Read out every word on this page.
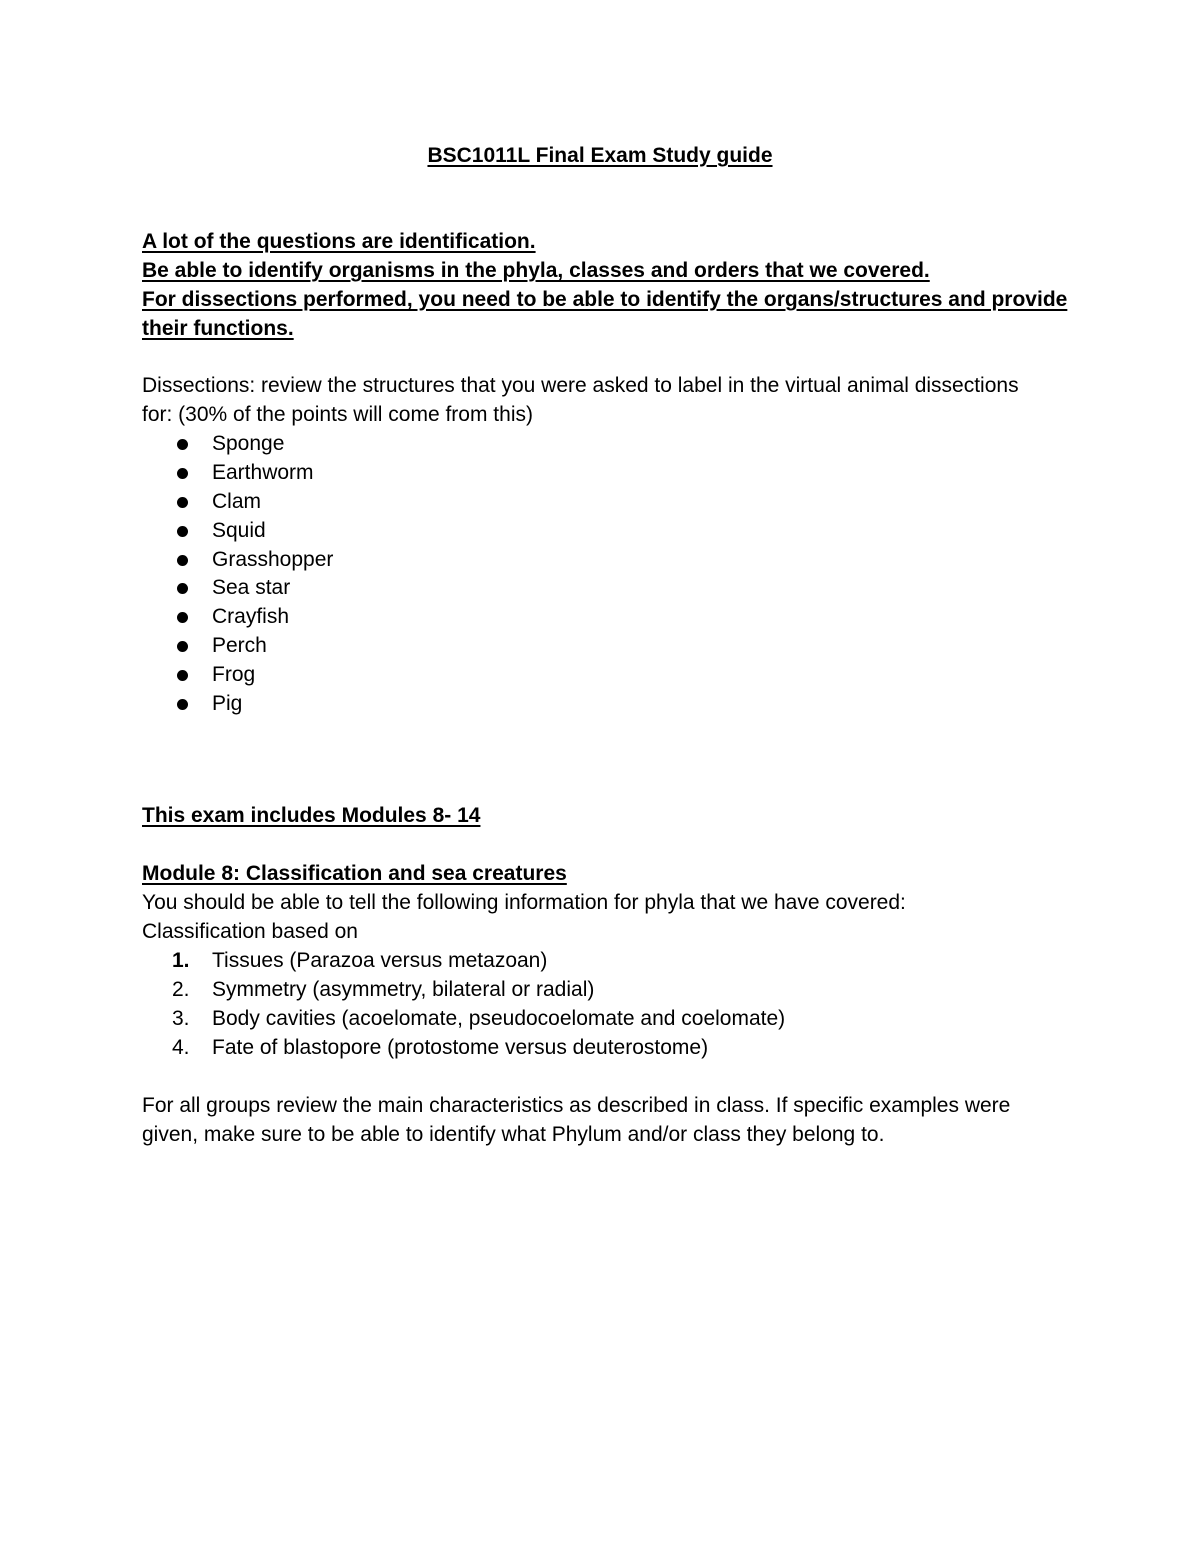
BSC1011L Final Exam Study guide
A lot of the questions are identification.
Be able to identify organisms in the phyla, classes and orders that we covered.
For dissections performed, you need to be able to identify the organs/structures and provide
their functions.
Dissections: review the structures that you were asked to label in the virtual animal dissections
for: (30% of the points will come from this)
Sponge
Earthworm
Clam
Squid
Grasshopper
Sea star
Crayfish
Perch
Frog
Pig
This exam includes Modules 8- 14
Module 8: Classification and sea creatures
You should be able to tell the following information for phyla that we have covered:
Classification based on
1. Tissues (Parazoa versus metazoan)
2. Symmetry (asymmetry, bilateral or radial)
3. Body cavities (acoelomate, pseudocoelomate and coelomate)
4. Fate of blastopore (protostome versus deuterostome)
For all groups review the main characteristics as described in class. If specific examples were
given, make sure to be able to identify what Phylum and/or class they belong to.
